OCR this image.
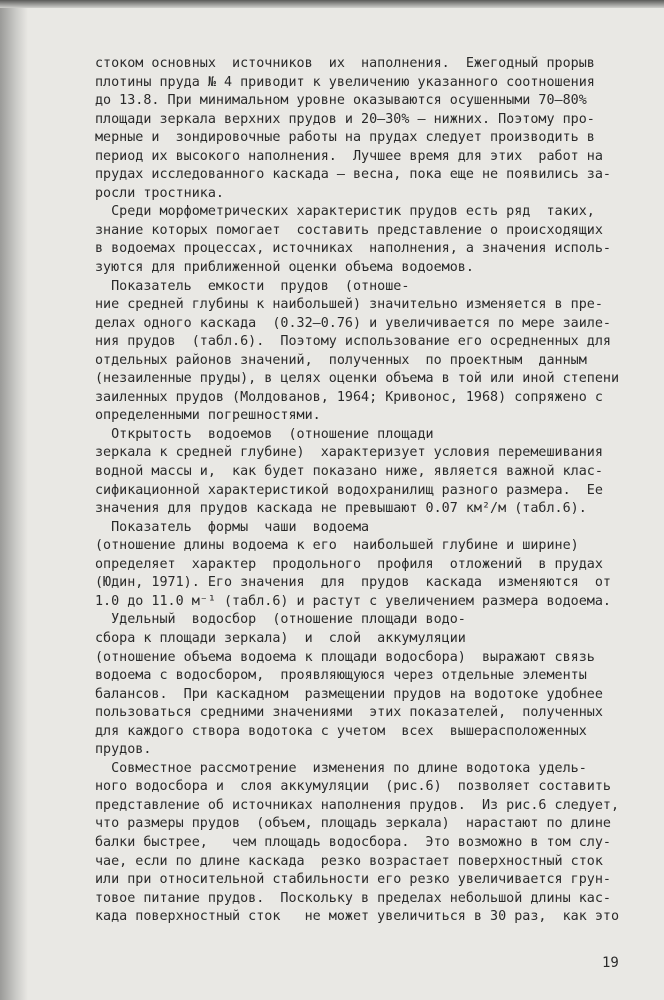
стоком основных  источников  их  наполнения.  Ежегодный прорыв
плотины пруда № 4 приводит к увеличению указанного соотношения
до 13.8. При минимальном уровне оказываются осушенными 70–80%
площади зеркала верхних прудов и 20–30% – нижних. Поэтому про-
мерные и  зондировочные работы на прудах следует производить в
период их высокого наполнения.  Лучшее время для этих  работ на
прудах исследованного каскада – весна, пока еще не появились за-
росли тростника.
Среди морфометрических характеристик прудов есть ряд  таких,
знание которых помогает  составить представление о происходящих
в водоемах процессах, источниках  наполнения, а значения исполь-
зуются для приближенной оценки объема водоемов.
Показатель  емкости  прудов  (отноше-
ние средней глубины к наибольшей) значительно изменяется в пре-
делах одного каскада  (0.32–0.76) и увеличивается по мере заиле-
ния прудов  (табл.6).  Поэтому использование его осредненных для
отдельных районов значений,  полученных  по проектным  данным
(незаиленные пруды), в целях оценки объема в той или иной степени
заиленных прудов (Молдованов, 1964; Кривонос, 1968) сопряжено с
определенными погрешностями.
Открытость  водоемов  (отношение площади
зеркала к средней глубине)  характеризует условия перемешивания
водной массы и,  как будет показано ниже, является важной клас-
сификационной характеристикой водохранилищ разного размера.  Ее
значения для прудов каскада не превышают 0.07 км²/м (табл.6).
Показатель  формы  чаши  водоема
(отношение длины водоема к его  наибольшей глубине и ширине)
определяет  характер  продольного  профиля  отложений  в прудах
(Юдин, 1971). Его значения  для  прудов  каскада  изменяются  от
1.0 до 11.0 м⁻¹ (табл.6) и растут с увеличением размера водоема.
Удельный  водосбор  (отношение площади водо-
сбора к площади зеркала)  и  слой  аккумуляции
(отношение объема водоема к площади водосбора)  выражают связь
водоема с водосбором,  проявляющуюся через отдельные элементы
балансов.  При каскадном  размещении прудов на водотоке удобнее
пользоваться средними значениями  этих показателей,  полученных
для каждого створа водотока с учетом  всех  вышерасположенных
прудов.
Совместное рассмотрение  изменения по длине водотока удель-
ного водосбора и  слоя аккумуляции  (рис.6)  позволяет составить
представление об источниках наполнения прудов.  Из рис.6 следует,
что размеры прудов  (объем, площадь зеркала)  нарастают по длине
балки быстрее,   чем площадь водосбора.  Это возможно в том слу-
чае, если по длине каскада  резко возрастает поверхностный сток
или при относительной стабильности его резко увеличивается грун-
товое питание прудов.  Поскольку в пределах небольшой длины кас-
када поверхностный сток   не может увеличиться в 30 раз,  как это
19
